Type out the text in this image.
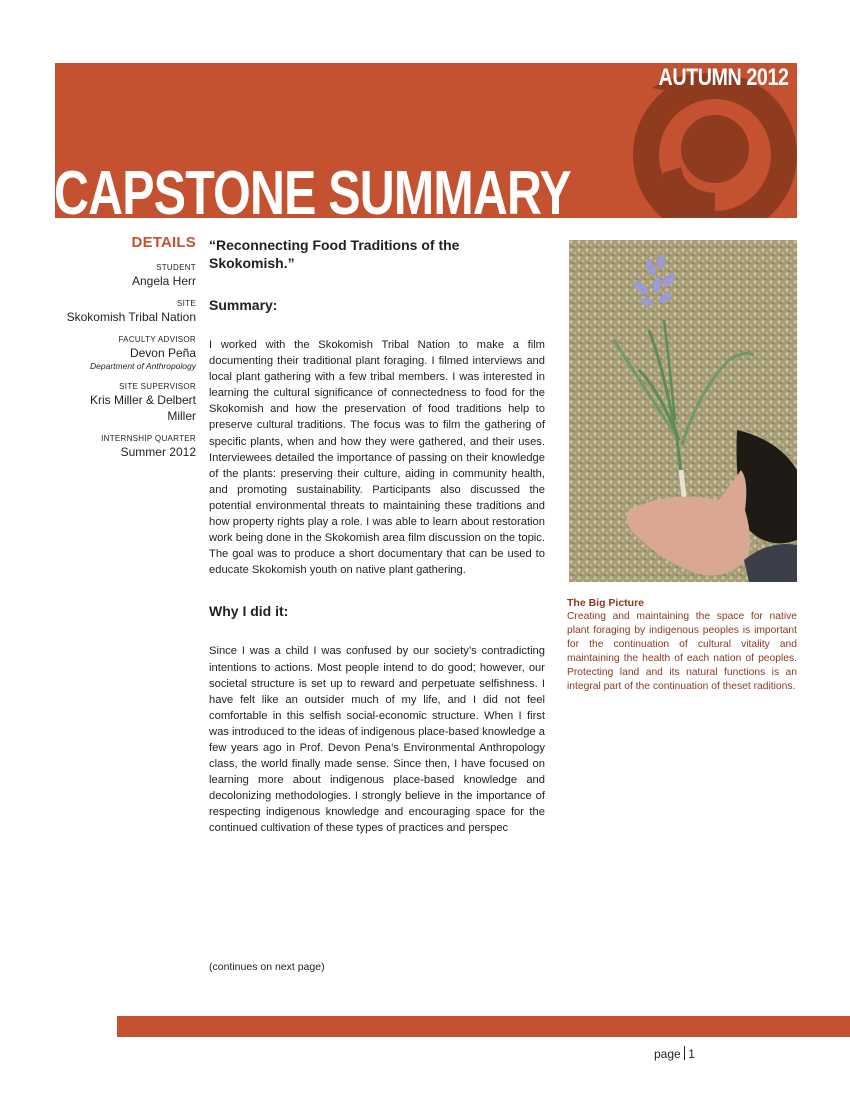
AUTUMN 2012
CAPSTONE SUMMARY
DETAILS
STUDENT
Angela Herr
SITE
Skokomish Tribal Nation
FACULTY ADVISOR
Devon Peña
Department of Anthropology
SITE SUPERVISOR
Kris Miller & Delbert Miller
INTERNSHIP QUARTER
Summer 2012
“Reconnecting Food Traditions of the Skokomish.”
Summary:

I worked with the Skokomish Tribal Nation to make a film documenting their traditional plant foraging. I filmed interviews and local plant gathering with a few tribal members. I was interested in learning the cultural significance of connectedness to food for the Skokomish and how the preservation of food traditions help to preserve cultural traditions. The focus was to film the gathering of specific plants, when and how they were gathered, and their uses. Interviewees detailed the importance of passing on their knowledge of the plants: preserving their culture, aiding in community health, and promoting sustainability. Participants also discussed the potential environmental threats to maintaining these traditions and how property rights play a role. I was able to learn about restoration work being done in the Skokomish area film discussion on the topic. The goal was to produce a short documentary that can be used to educate Skokomish youth on native plant gathering.

Why I did it:

Since I was a child I was confused by our society’s contradicting intentions to actions. Most people intend to do good; however, our societal structure is set up to reward and perpetuate selfishness. I have felt like an outsider much of my life, and I did not feel comfortable in this selfish social-economic structure. When I first was introduced to the ideas of indigenous place-based knowledge a few years ago in Prof. Devon Pena’s Environmental Anthropology class, the world finally made sense. Since then, I have focused on learning more about indigenous place-based knowledge and decolonizing methodologies. I strongly believe in the importance of respecting indigenous knowledge and encouraging space for the continued cultivation of these types of practices and perspec

(continues on next page)
The Big Picture
Creating and maintaining the space for native plant foraging by indigenous peoples is important for the continuation of cultural vitality and maintaining the health of each nation of peoples. Protecting land and its natural functions is an integral part of the continuation of theset raditions.
page 1
